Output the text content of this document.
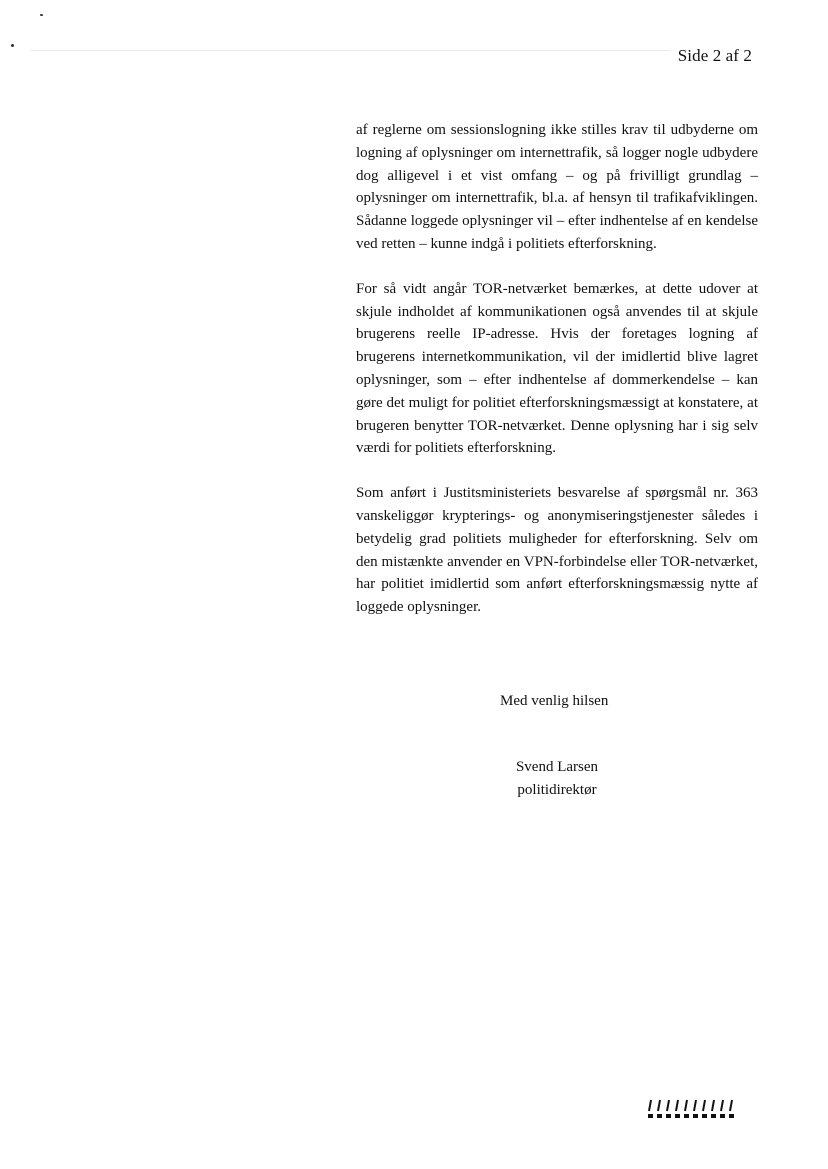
Side 2 af 2

af reglerne om sessionslogning ikke stilles krav til udbyderne om logning af oplysninger om internettrafik, så logger nogle udbydere dog alligevel i et vist omfang – og på frivilligt grundlag – oplysninger om internettrafik, bl.a. af hensyn til trafikafviklingen. Sådanne loggede oplysninger vil – efter indhentelse af en kendelse ved retten – kunne indgå i politiets efterforskning.

For så vidt angår TOR-netværket bemærkes, at dette udover at skjule indholdet af kommunikationen også anvendes til at skjule brugerens reelle IP-adresse. Hvis der foretages logning af brugerens internetkommunikation, vil der imidlertid blive lagret oplysninger, som – efter indhentelse af dommerkendelse – kan gøre det muligt for politiet efterforskningsmæssigt at konstatere, at brugeren benytter TOR-netværket. Denne oplysning har i sig selv værdi for politiets efterforskning.

Som anført i Justitsministeriets besvarelse af spørgsmål nr. 363 vanskeliggør krypterings- og anonymiseringstjenester således i betydelig grad politiets muligheder for efterforskning. Selv om den mistænkte anvender en VPN-forbindelse eller TOR-netværket, har politiet imidlertid som anført efterforskningsmæssig nytte af loggede oplysninger.

Med venlig hilsen
Svend Larsen
politidirektør
